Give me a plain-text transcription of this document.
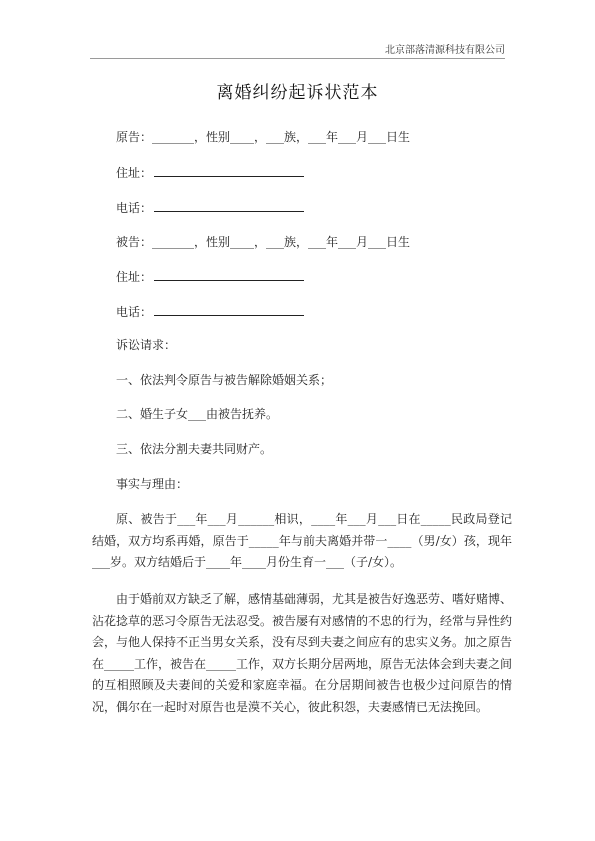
北京部落清源科技有限公司
离婚纠纷起诉状范本
原告：_______，性别____，___族，___年___月___日生
住址：
电话：
被告：_______，性别____，___族，___年___月___日生
住址：
电话：
诉讼请求：
一、依法判令原告与被告解除婚姻关系；
二、婚生子女___由被告抚养。
三、依法分割夫妻共同财产。
事实与理由：
原、被告于___年___月______相识，____年___月___日在_____民政局登记结婚，双方均系再婚，原告于_____年与前夫离婚并带一____（男/女）孩，现年___岁。双方结婚后于____年____月份生育一___（子/女）。
由于婚前双方缺乏了解，感情基础薄弱，尤其是被告好逸恶劳、嗜好赌博、沾花捻草的恶习令原告无法忍受。被告屡有对感情的不忠的行为，经常与异性约会，与他人保持不正当男女关系，没有尽到夫妻之间应有的忠实义务。加之原告在_____工作，被告在_____工作，双方长期分居两地，原告无法体会到夫妻之间的互相照顾及夫妻间的关爱和家庭幸福。在分居期间被告也极少过问原告的情况，偶尔在一起时对原告也是漠不关心，彼此积怨，夫妻感情已无法挽回。
